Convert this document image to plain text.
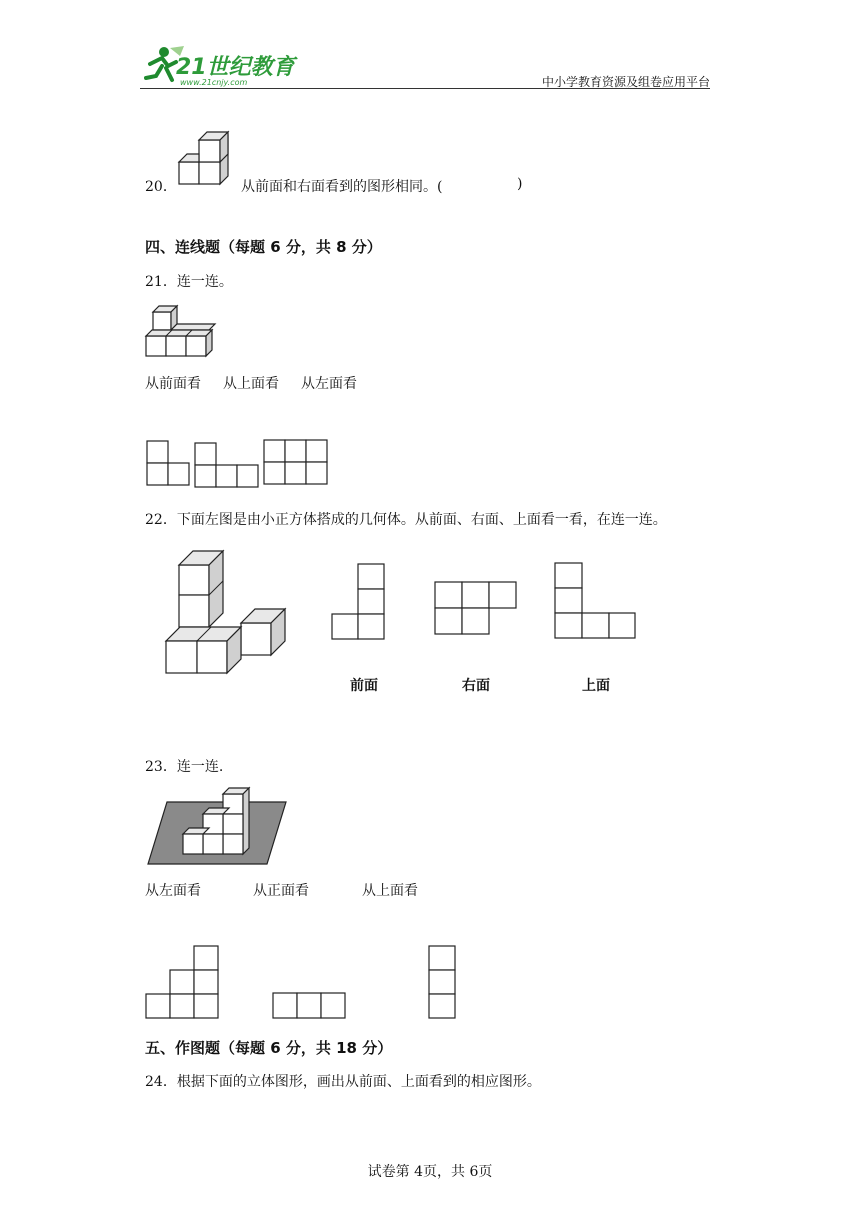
21世纪教育
www.21cnjy.com	中小学教育资源及组卷应用平台
20．	从前面和右面看到的图形相同。(	)
四、连线题（每题 6 分，共 8 分）
21．连一连。
从前面看 从上面看 从左面看
22．下面左图是由小正方体搭成的几何体。从前面、右面、上面看一看，在连一连。
前面	右面	上面
23．连一连.
从左面看	从正面看	从上面看
五、作图题（每题 6 分，共 18 分）
24．根据下面的立体图形，画出从前面、上面看到的相应图形。
试卷第 4页，共 6页
